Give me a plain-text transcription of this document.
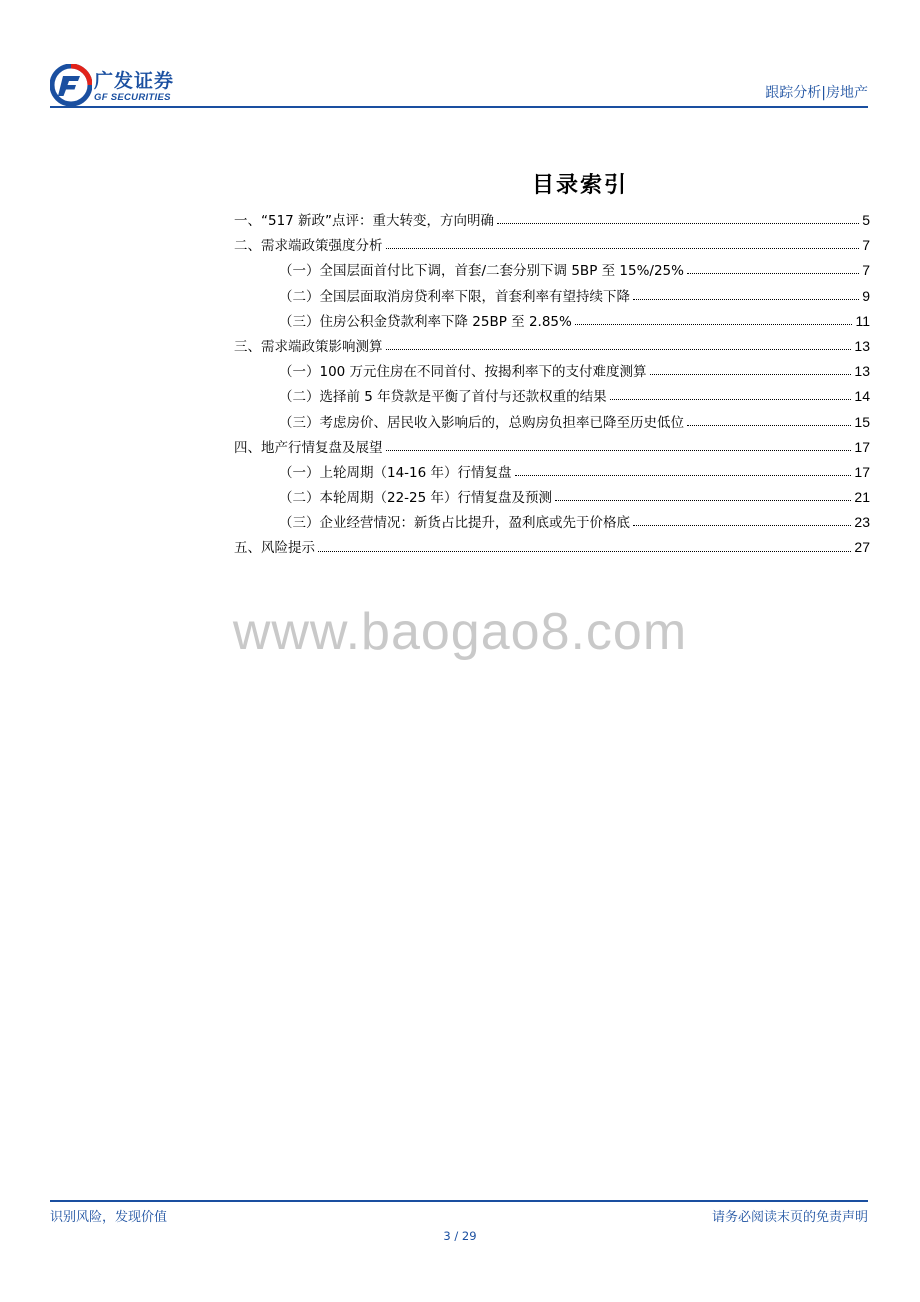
广发证券
GF SECURITIES	跟踪分析|房地产
目录索引
一、“517 新政”点评：重大转变，方向明确	5
二、需求端政策强度分析	7
（一）全国层面首付比下调，首套/二套分别下调 5BP 至 15%/25%	7
（二）全国层面取消房贷利率下限，首套利率有望持续下降	9
（三）住房公积金贷款利率下降 25BP 至 2.85%	11
三、需求端政策影响测算	13
（一）100 万元住房在不同首付、按揭利率下的支付难度测算	13
（二）选择前 5 年贷款是平衡了首付与还款权重的结果	14
（三）考虑房价、居民收入影响后的，总购房负担率已降至历史低位	15
四、地产行情复盘及展望	17
（一）上轮周期（14-16 年）行情复盘	17
（二）本轮周期（22-25 年）行情复盘及预测	21
（三）企业经营情况：新货占比提升，盈利底或先于价格底	23
五、风险提示	27
www.baogao8.com
识别风险，发现价值	请务必阅读末页的免责声明
3 / 29
